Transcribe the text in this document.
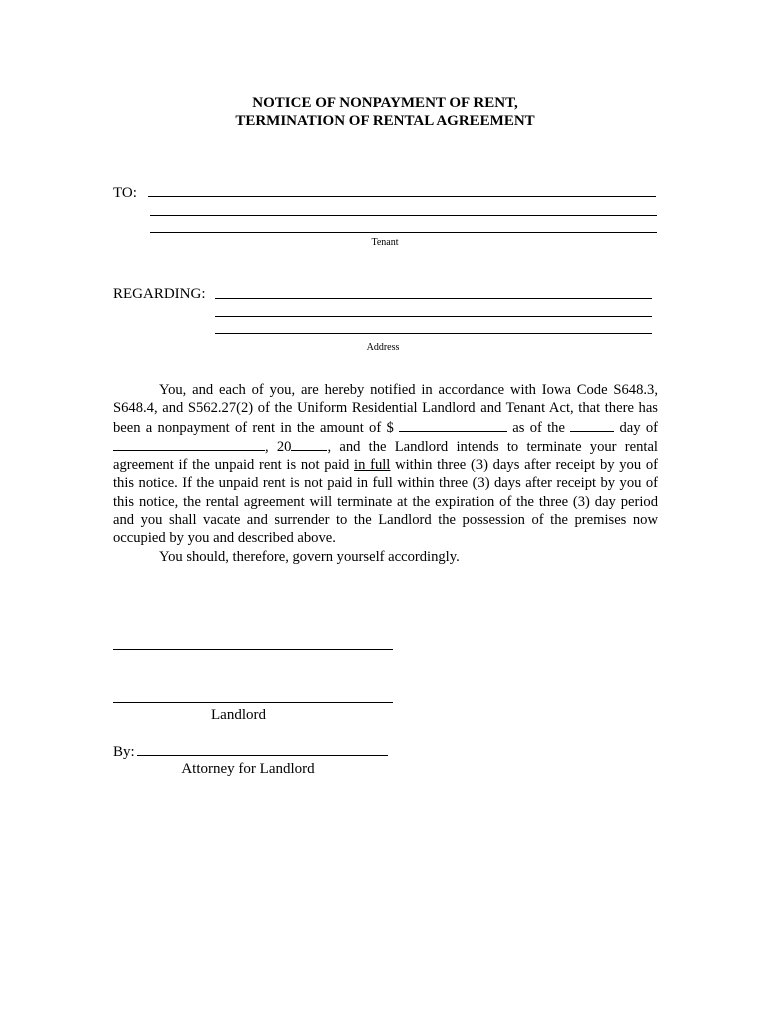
NOTICE OF NONPAYMENT OF RENT,
TERMINATION OF RENTAL AGREEMENT
TO:
Tenant
REGARDING:
Address

You, and each of you, are hereby notified in accordance with Iowa Code S648.3, S648.4, and S562.27(2) of the Uniform Residential Landlord and Tenant Act, that there has been a nonpayment of rent in the amount of $	as of the	day of , 20 , and the Landlord intends to terminate your rental agreement if the unpaid rent is not paid in full within three (3) days after receipt by you of this notice. If the unpaid rent is not paid in full within three (3) days after receipt by you of this notice, the rental agreement will terminate at the expiration of the three (3) day period and you shall vacate and surrender to the Landlord the possession of the premises now occupied by you and described above.

You should, therefore, govern yourself accordingly.

Landlord
By:
Attorney for Landlord
